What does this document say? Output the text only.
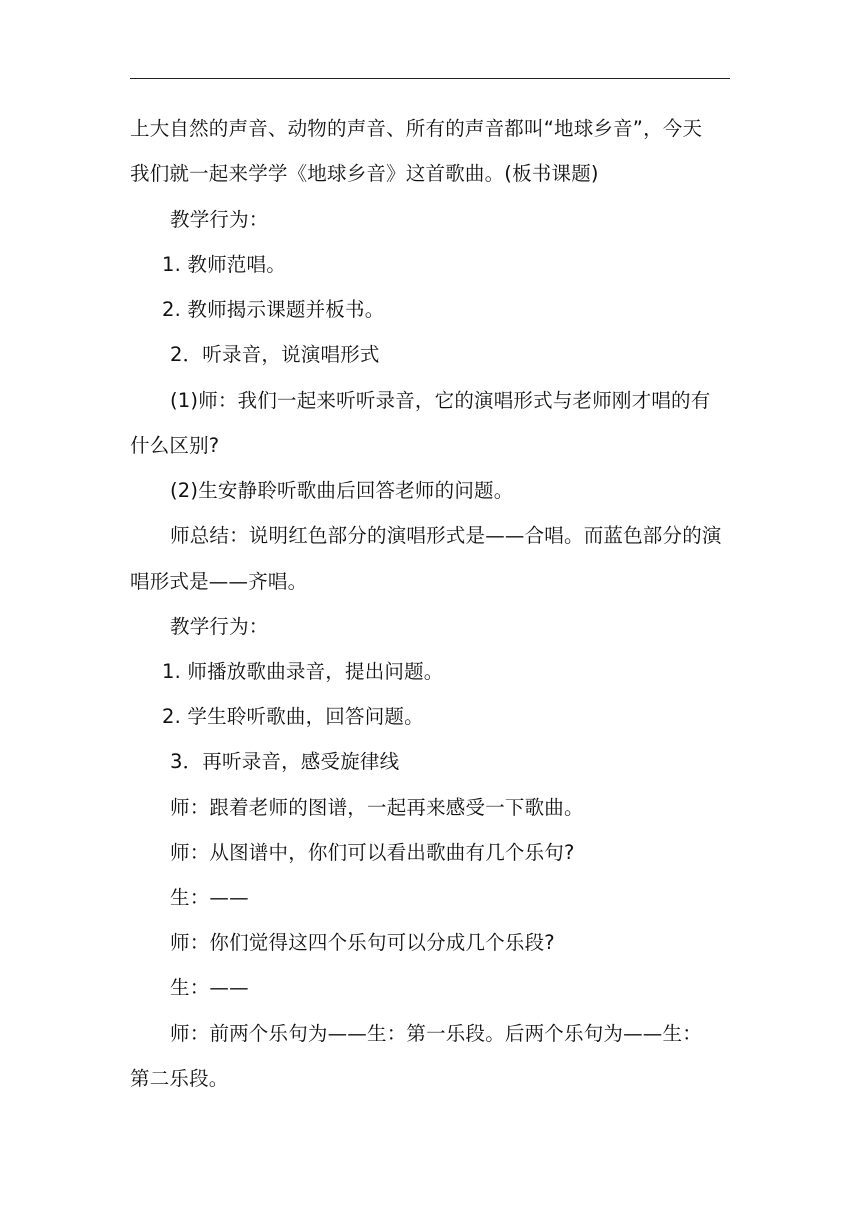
上大自然的声音、动物的声音、所有的声音都叫“地球乡音”，今天
我们就一起来学学《地球乡音》这首歌曲。(板书课题)
教学行为：
1. 教师范唱。
2. 教师揭示课题并板书。
2．听录音，说演唱形式
(1)师：我们一起来听听录音，它的演唱形式与老师刚才唱的有
什么区别?
(2)生安静聆听歌曲后回答老师的问题。
师总结：说明红色部分的演唱形式是——合唱。而蓝色部分的演
唱形式是——齐唱。
教学行为：
1. 师播放歌曲录音，提出问题。
2. 学生聆听歌曲，回答问题。
3．再听录音，感受旋律线
师：跟着老师的图谱，一起再来感受一下歌曲。
师：从图谱中，你们可以看出歌曲有几个乐句?
生：——
师：你们觉得这四个乐句可以分成几个乐段?
生：——
师：前两个乐句为——生：第一乐段。后两个乐句为——生：
第二乐段。
